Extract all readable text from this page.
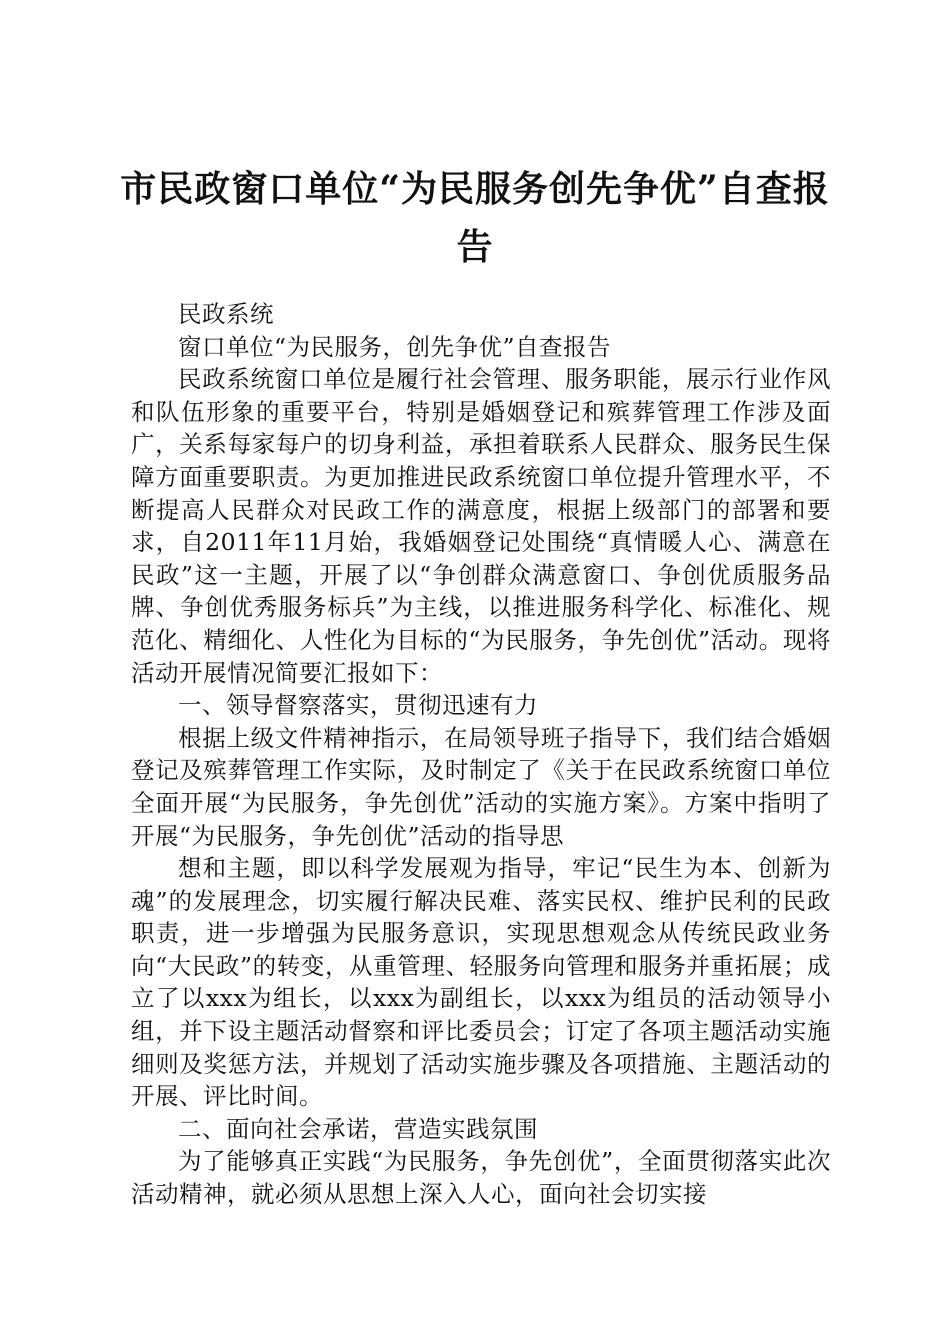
市民政窗口单位“为民服务创先争优”自查报告

民政系统

窗口单位“为民服务，创先争优”自查报告

民政系统窗口单位是履行社会管理、服务职能，展示行业作风和队伍形象的重要平台，特别是婚姻登记和殡葬管理工作涉及面广，关系每家每户的切身利益，承担着联系人民群众、服务民生保障方面重要职责。为更加推进民政系统窗口单位提升管理水平，不断提高人民群众对民政工作的满意度，根据上级部门的部署和要求，自2011年11月始，我婚姻登记处围绕“真情暖人心、满意在民政”这一主题，开展了以“争创群众满意窗口、争创优质服务品牌、争创优秀服务标兵”为主线，以推进服务科学化、标准化、规范化、精细化、人性化为目标的“为民服务，争先创优”活动。现将活动开展情况简要汇报如下：

一、领导督察落实，贯彻迅速有力

根据上级文件精神指示，在局领导班子指导下，我们结合婚姻登记及殡葬管理工作实际，及时制定了《关于在民政系统窗口单位全面开展“为民服务，争先创优”活动的实施方案》。方案中指明了开展“为民服务，争先创优”活动的指导思

想和主题，即以科学发展观为指导，牢记“民生为本、创新为魂”的发展理念，切实履行解决民难、落实民权、维护民利的民政职责，进一步增强为民服务意识，实现思想观念从传统民政业务向“大民政”的转变，从重管理、轻服务向管理和服务并重拓展；成立了以xxx为组长，以xxx为副组长，以xxx为组员的活动领导小组，并下设主题活动督察和评比委员会；订定了各项主题活动实施细则及奖惩方法，并规划了活动实施步骤及各项措施、主题活动的开展、评比时间。

二、面向社会承诺，营造实践氛围

为了能够真正实践“为民服务，争先创优”，全面贯彻落实此次活动精神，就必须从思想上深入人心，面向社会切实接
